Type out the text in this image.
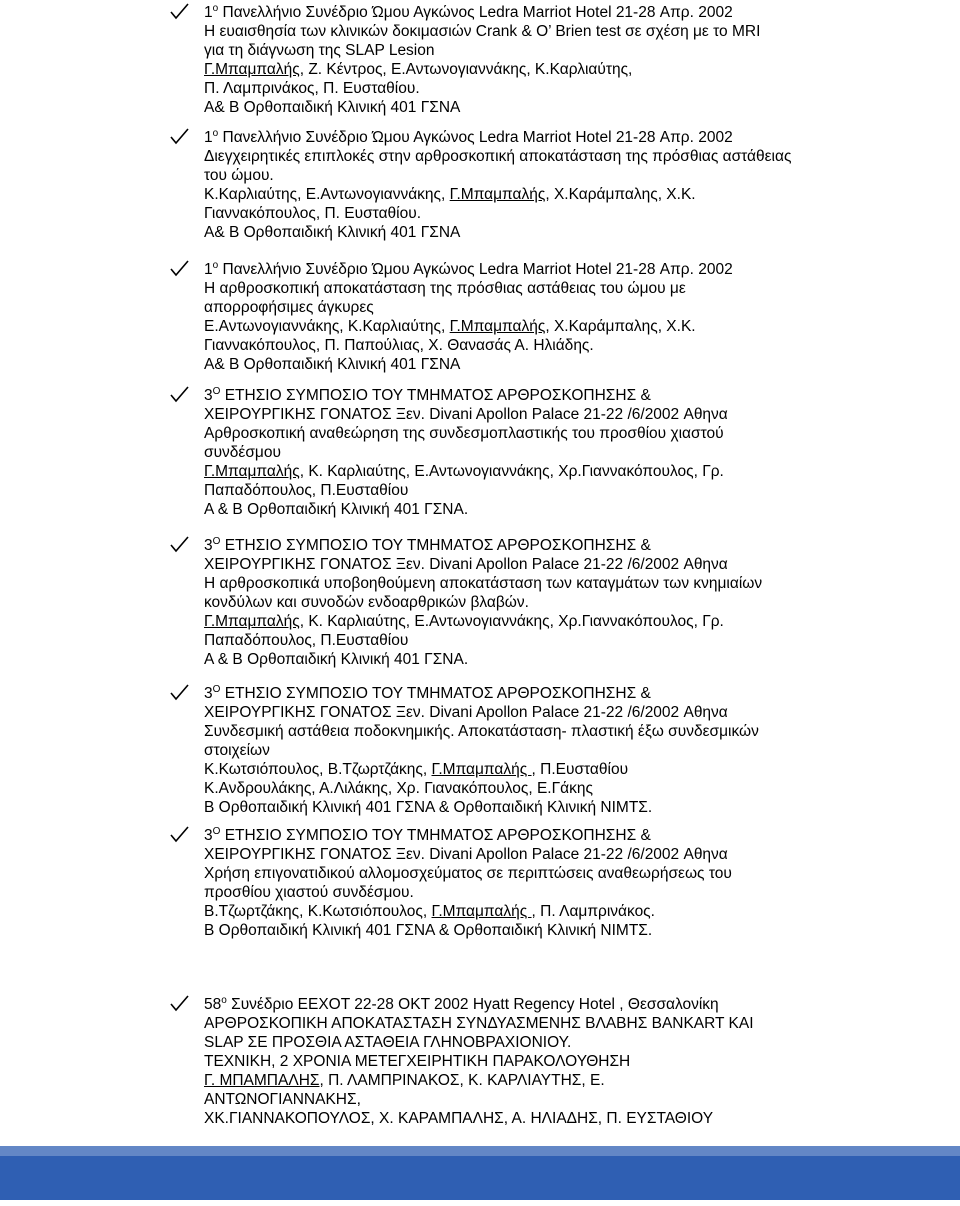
$1^o$ Πανελλήνιο Συνέδριο Ώμου Αγκώνος Ledra Marriot Hotel 21-28 Απρ. 2002
Η ευαισθησία των κλινικών δοκιμασιών Crank & O’ Brien test σε σχέση με το MRI
για τη διάγνωση της SLAP Lesion
Γ.Μπαμπαλής, Ζ. Κέντρος, Ε.Αντωνογιαννάκης, Κ.Καρλιαύτης,
Π. Λαμπρινάκος, Π. Ευσταθίου.
Α& Β Ορθοπαιδική Κλινική 401 ΓΣΝΑ
$1^o$ Πανελλήνιο Συνέδριο Ώμου Αγκώνος Ledra Marriot Hotel 21-28 Απρ. 2002
Διεγχειρητικές επιπλοκές στην αρθροσκοπική αποκατάσταση της πρόσθιας αστάθειας
του ώμου.
Κ.Καρλιαύτης, Ε.Αντωνογιαννάκης, Γ.Μπαμπαλής, Χ.Καράμπαλης, Χ.Κ.
Γιαννακόπουλος, Π. Ευσταθίου.
Α& Β Ορθοπαιδική Κλινική 401 ΓΣΝΑ
$1^o$ Πανελλήνιο Συνέδριο Ώμου Αγκώνος Ledra Marriot Hotel 21-28 Απρ. 2002
Η αρθροσκοπική αποκατάσταση της πρόσθιας αστάθειας του ώμου με
απορροφήσιμες άγκυρες
Ε.Αντωνογιαννάκης, Κ.Καρλιαύτης, Γ.Μπαμπαλής, Χ.Καράμπαλης, Χ.Κ.
Γιαννακόπουλος, Π. Παπούλιας, Χ. Θανασάς Α. Ηλιάδης.
Α& Β Ορθοπαιδική Κλινική 401 ΓΣΝΑ
$3^O$ ΕΤΗΣΙΟ ΣΥΜΠΟΣΙΟ ΤΟΥ ΤΜΗΜΑΤΟΣ ΑΡΘΡΟΣΚΟΠΗΣΗΣ &
ΧΕΙΡΟΥΡΓΙΚΗΣ ΓΟΝΑΤΟΣ Ξεν. Divani Apollon Palace 21-22 /6/2002 Αθηνα
Αρθροσκοπική αναθεώρηση της συνδεσμοπλαστικής του προσθίου χιαστού
συνδέσμου
Γ.Μπαμπαλής, Κ. Καρλιαύτης, Ε.Αντωνογιαννάκης, Χρ.Γιαννακόπουλος, Γρ.
Παπαδόπουλος, Π.Ευσταθίου
Α & Β Ορθοπαιδική Κλινική 401 ΓΣΝΑ.
$3^O$ ΕΤΗΣΙΟ ΣΥΜΠΟΣΙΟ ΤΟΥ ΤΜΗΜΑΤΟΣ ΑΡΘΡΟΣΚΟΠΗΣΗΣ &
ΧΕΙΡΟΥΡΓΙΚΗΣ ΓΟΝΑΤΟΣ Ξεν. Divani Apollon Palace 21-22 /6/2002 Αθηνα
Η αρθροσκοπικά υποβοηθούμενη αποκατάσταση των καταγμάτων των κνημιαίων
κονδύλων και συνοδών ενδοαρθρικών βλαβών.
Γ.Μπαμπαλής, Κ. Καρλιαύτης, Ε.Αντωνογιαννάκης, Χρ.Γιαννακόπουλος, Γρ.
Παπαδόπουλος, Π.Ευσταθίου
Α & Β Ορθοπαιδική Κλινική 401 ΓΣΝΑ.
$3^O$ ΕΤΗΣΙΟ ΣΥΜΠΟΣΙΟ ΤΟΥ ΤΜΗΜΑΤΟΣ ΑΡΘΡΟΣΚΟΠΗΣΗΣ &
ΧΕΙΡΟΥΡΓΙΚΗΣ ΓΟΝΑΤΟΣ Ξεν. Divani Apollon Palace 21-22 /6/2002 Αθηνα
Συνδεσμική αστάθεια ποδοκνημικής. Αποκατάσταση- πλαστική έξω συνδεσμικών
στοιχείων
Κ.Κωτσιόπουλος, Β.Τζωρτζάκης, Γ.Μπαμπαλής , Π.Ευσταθίου
Κ.Ανδρουλάκης, Α.Λιλάκης, Χρ. Γιανακόπουλος, Ε.Γάκης
Β Ορθοπαιδική Κλινική 401 ΓΣΝΑ & Ορθοπαιδική Κλινική ΝΙΜΤΣ.
$3^O$ ΕΤΗΣΙΟ ΣΥΜΠΟΣΙΟ ΤΟΥ ΤΜΗΜΑΤΟΣ ΑΡΘΡΟΣΚΟΠΗΣΗΣ &
ΧΕΙΡΟΥΡΓΙΚΗΣ ΓΟΝΑΤΟΣ Ξεν. Divani Apollon Palace 21-22 /6/2002 Αθηνα
Χρήση επιγονατιδικού αλλομοσχεύματος σε περιπτώσεις αναθεωρήσεως του
προσθίου χιαστού συνδέσμου.
Β.Τζωρτζάκης, Κ.Κωτσιόπουλος, Γ.Μπαμπαλής , Π. Λαμπρινάκος.
Β Ορθοπαιδική Κλινική 401 ΓΣΝΑ & Ορθοπαιδική Κλινική ΝΙΜΤΣ.
$58^o$ Συνέδριο ΕΕΧΟΤ 22-28 ΟΚΤ 2002 Hyatt Regency Hotel , Θεσσαλονίκη
ΑΡΘΡΟΣΚΟΠΙΚΗ ΑΠΟΚΑΤΑΣΤΑΣΗ ΣΥΝΔΥΑΣΜΕΝΗΣ ΒΛΑΒΗΣ BANKART ΚΑΙ
SLAP ΣΕ ΠΡΟΣΘΙΑ ΑΣΤΑΘΕΙΑ ΓΛΗΝΟΒΡΑΧΙΟΝΙΟΥ.
ΤΕΧΝΙΚΗ, 2 ΧΡΟΝΙΑ ΜΕΤΕΓΧΕΙΡΗΤΙΚΗ ΠΑΡΑΚΟΛΟΥΘΗΣΗ
Γ. ΜΠΑΜΠΑΛΗΣ, Π. ΛΑΜΠΡΙΝΑΚΟΣ, Κ. ΚΑΡΛΙΑΥΤΗΣ, Ε.
ΑΝΤΩΝΟΓΙΑΝΝΑΚΗΣ,
ΧΚ.ΓΙΑΝΝΑΚΟΠΟΥΛΟΣ, Χ. ΚΑΡΑΜΠΑΛΗΣ, Α. ΗΛΙΑΔΗΣ, Π. ΕΥΣΤΑΘΙΟΥ
